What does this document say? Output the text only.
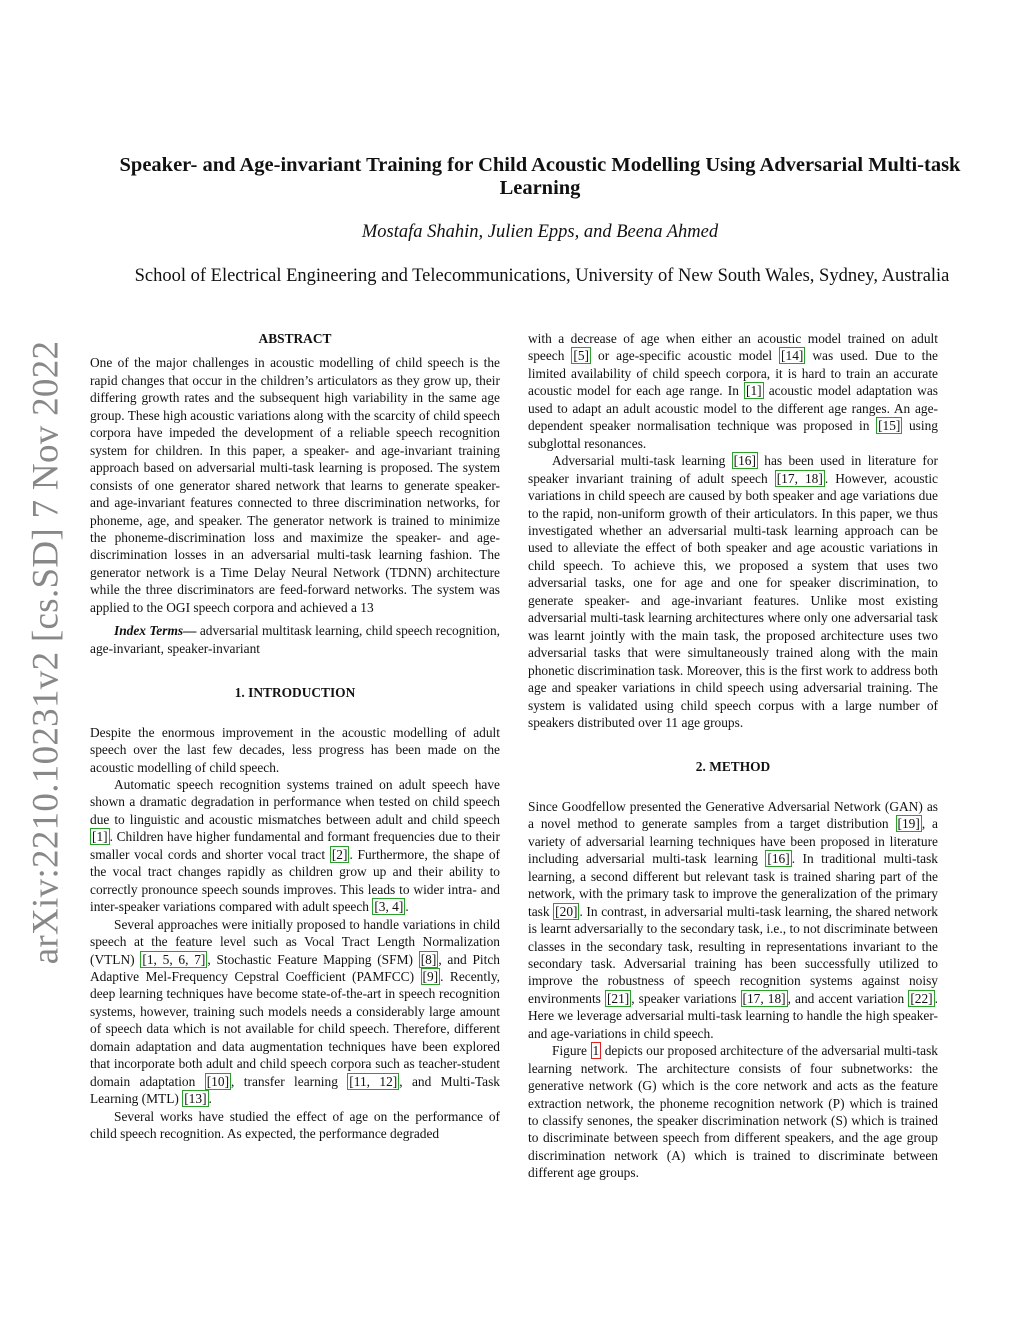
arXiv:2210.10231v2 [cs.SD] 7 Nov 2022
Speaker- and Age-invariant Training for Child Acoustic Modelling Using Adversarial Multi-task Learning
Mostafa Shahin, Julien Epps, and Beena Ahmed
School of Electrical Engineering and Telecommunications, University of New South Wales, Sydney, Australia
ABSTRACT

One of the major challenges in acoustic modelling of child speech is the rapid changes that occur in the children’s articulators as they grow up, their differing growth rates and the subsequent high variability in the same age group. These high acoustic variations along with the scarcity of child speech corpora have impeded the development of a reliable speech recognition system for children. In this paper, a speaker- and age-invariant training approach based on adversarial multi-task learning is proposed. The system consists of one generator shared network that learns to generate speaker- and age-invariant features connected to three discrimination networks, for phoneme, age, and speaker. The generator network is trained to minimize the phoneme-discrimination loss and maximize the speaker- and age-discrimination losses in an adversarial multi-task learning fashion. The generator network is a Time Delay Neural Network (TDNN) architecture while the three discriminators are feed-forward networks. The system was applied to the OGI speech corpora and achieved a 13

Index Terms— adversarial multitask learning, child speech recognition, age-invariant, speaker-invariant

1. INTRODUCTION

Despite the enormous improvement in the acoustic modelling of adult speech over the last few decades, less progress has been made on the acoustic modelling of child speech.

Automatic speech recognition systems trained on adult speech have shown a dramatic degradation in performance when tested on child speech due to linguistic and acoustic mismatches between adult and child speech [1] . Children have higher fundamental and formant frequencies due to their smaller vocal cords and shorter vocal tract [2] . Furthermore, the shape of the vocal tract changes rapidly as children grow up and their ability to correctly pronounce speech sounds improves. This leads to wider intra- and inter-speaker variations compared with adult speech [3, 4] .

Several approaches were initially proposed to handle variations in child speech at the feature level such as Vocal Tract Length Normalization (VTLN) [1, 5, 6, 7] , Stochastic Feature Mapping (SFM) [8] , and Pitch Adaptive Mel-Frequency Cepstral Coefficient (PAMFCC) [9] . Recently, deep learning techniques have become state-of-the-art in speech recognition systems, however, training such models needs a considerably large amount of speech data which is not available for child speech. Therefore, different domain adaptation and data augmentation techniques have been explored that incorporate both adult and child speech corpora such as teacher-student domain adaptation [10] , transfer learning [11, 12] , and Multi-Task Learning (MTL) [13] .

Several works have studied the effect of age on the performance of child speech recognition. As expected, the performance degraded

with a decrease of age when either an acoustic model trained on adult speech [5] or age-specific acoustic model [14] was used. Due to the limited availability of child speech corpora, it is hard to train an accurate acoustic model for each age range. In [1] acoustic model adaptation was used to adapt an adult acoustic model to the different age ranges. An age-dependent speaker normalisation technique was proposed in [15] using subglottal resonances.

Adversarial multi-task learning [16] has been used in literature for speaker invariant training of adult speech [17, 18] . However, acoustic variations in child speech are caused by both speaker and age variations due to the rapid, non-uniform growth of their articulators. In this paper, we thus investigated whether an adversarial multi-task learning approach can be used to alleviate the effect of both speaker and age acoustic variations in child speech. To achieve this, we proposed a system that uses two adversarial tasks, one for age and one for speaker discrimination, to generate speaker- and age-invariant features. Unlike most existing adversarial multi-task learning architectures where only one adversarial task was learnt jointly with the main task, the proposed architecture uses two adversarial tasks that were simultaneously trained along with the main phonetic discrimination task. Moreover, this is the first work to address both age and speaker variations in child speech using adversarial training. The system is validated using child speech corpus with a large number of speakers distributed over 11 age groups.

2. METHOD

Since Goodfellow presented the Generative Adversarial Network (GAN) as a novel method to generate samples from a target distribution [19] , a variety of adversarial learning techniques have been proposed in literature including adversarial multi-task learning [16] . In traditional multi-task learning, a second different but relevant task is trained sharing part of the network, with the primary task to improve the generalization of the primary task [20] . In contrast, in adversarial multi-task learning, the shared network is learnt adversarially to the secondary task, i.e., to not discriminate between classes in the secondary task, resulting in representations invariant to the secondary task. Adversarial training has been successfully utilized to improve the robustness of speech recognition systems against noisy environments [21] , speaker variations [17, 18] , and accent variation [22] . Here we leverage adversarial multi-task learning to handle the high speaker- and age-variations in child speech.

Figure 1 depicts our proposed architecture of the adversarial multi-task learning network. The architecture consists of four subnetworks: the generative network (G) which is the core network and acts as the feature extraction network, the phoneme recognition network (P) which is trained to classify senones, the speaker discrimination network (S) which is trained to discriminate between speech from different speakers, and the age group discrimination network (A) which is trained to discriminate between different age groups.
